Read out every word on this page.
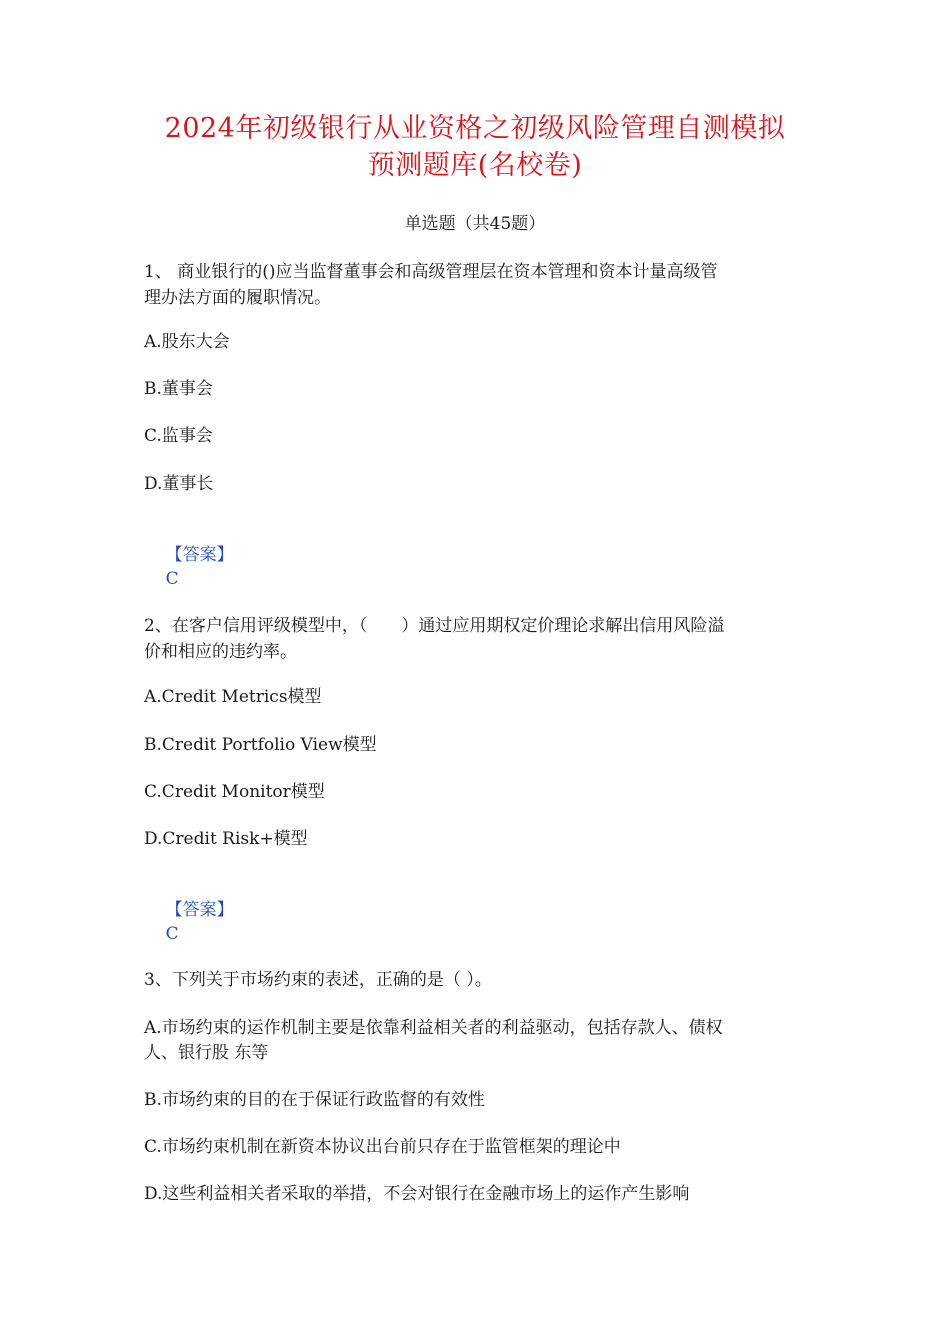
2024年初级银行从业资格之初级风险管理自测模拟
预测题库(名校卷)
单选题（共45题）
1、 商业银行的()应当监督董事会和高级管理层在资本管理和资本计量高级管
理办法方面的履职情况。
A.股东大会
B.董事会
C.监事会
D.董事长

【答案】
C

2、在客户信用评级模型中，（　　）通过应用期权定价理论求解出信用风险溢
价和相应的违约率。
A.Credit Metrics模型
B.Credit Portfolio View模型
C.Credit Monitor模型
D.Credit Risk+模型

【答案】
C

3、下列关于市场约束的表述，正确的是（ ）。
A.市场约束的运作机制主要是依靠利益相关者的利益驱动，包括存款人、债权
人、银行股 东等
B.市场约束的目的在于保证行政监督的有效性
C.市场约束机制在新资本协议出台前只存在于监管框架的理论中
D.这些利益相关者采取的举措，不会对银行在金融市场上的运作产生影响
